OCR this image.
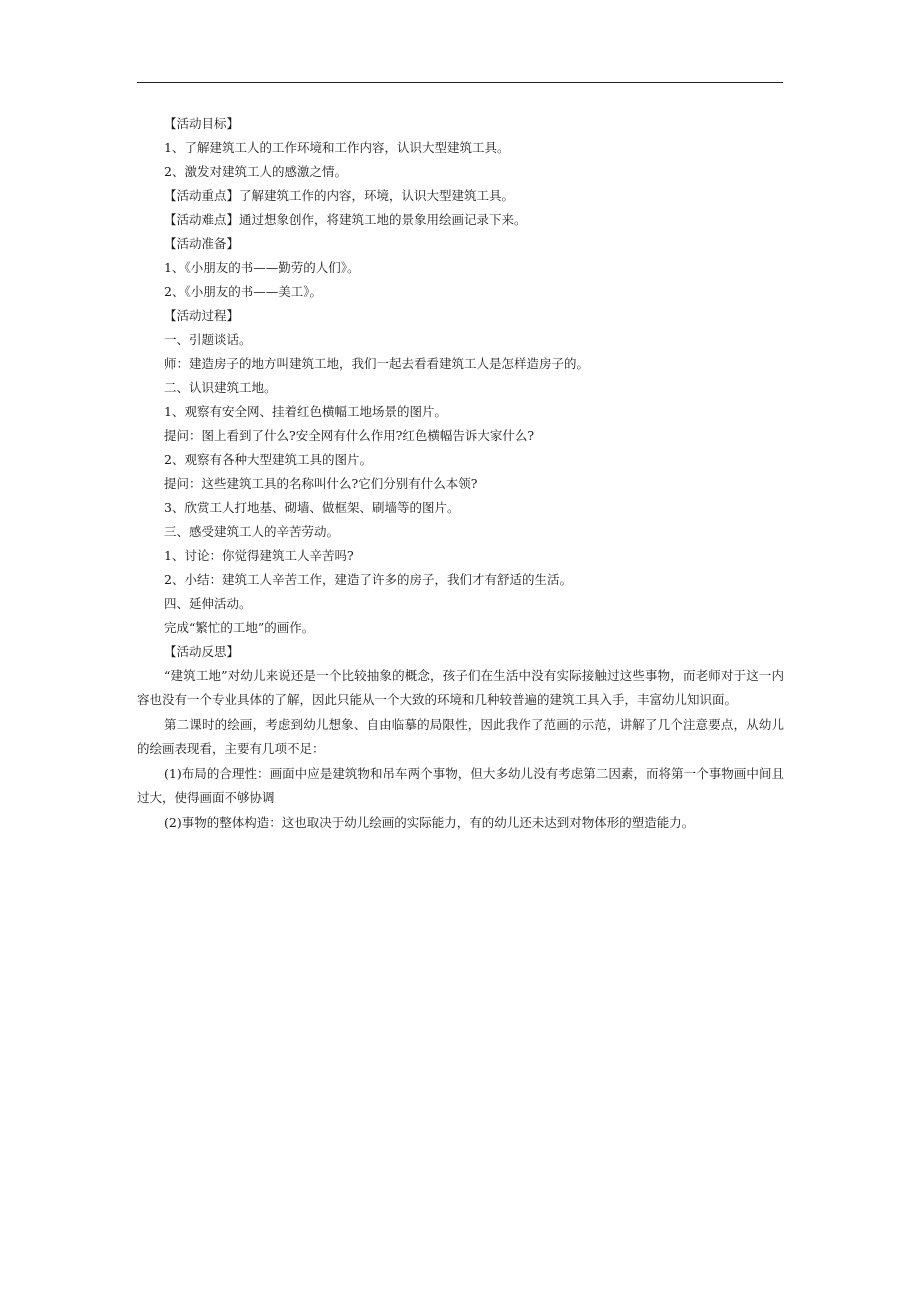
【活动目标】
1、了解建筑工人的工作环境和工作内容，认识大型建筑工具。
2、激发对建筑工人的感激之情。
【活动重点】了解建筑工作的内容，环境，认识大型建筑工具。
【活动难点】通过想象创作，将建筑工地的景象用绘画记录下来。
【活动准备】
1、《小朋友的书——勤劳的人们》。
2、《小朋友的书——美工》。
【活动过程】
一、引题谈话。
师：建造房子的地方叫建筑工地，我们一起去看看建筑工人是怎样造房子的。
二、认识建筑工地。
1、观察有安全网、挂着红色横幅工地场景的图片。
提问：图上看到了什么?安全网有什么作用?红色横幅告诉大家什么?
2、观察有各种大型建筑工具的图片。
提问：这些建筑工具的名称叫什么?它们分别有什么本领?
3、欣赏工人打地基、砌墙、做框架、刷墙等的图片。
三、感受建筑工人的辛苦劳动。
1、讨论：你觉得建筑工人辛苦吗?
2、小结：建筑工人辛苦工作，建造了许多的房子，我们才有舒适的生活。
四、延伸活动。
完成“繁忙的工地”的画作。
【活动反思】
“建筑工地”对幼儿来说还是一个比较抽象的概念，孩子们在生活中没有实际接触过这些事物，而老师对于这一内容也没有一个专业具体的了解，因此只能从一个大致的环境和几种较普遍的建筑工具入手，丰富幼儿知识面。
第二课时的绘画，考虑到幼儿想象、自由临摹的局限性，因此我作了范画的示范，讲解了几个注意要点，从幼儿的绘画表现看，主要有几项不足：
(1)布局的合理性：画面中应是建筑物和吊车两个事物，但大多幼儿没有考虑第二因素，而将第一个事物画中间且过大，使得画面不够协调
(2)事物的整体构造：这也取决于幼儿绘画的实际能力，有的幼儿还未达到对物体形的塑造能力。
